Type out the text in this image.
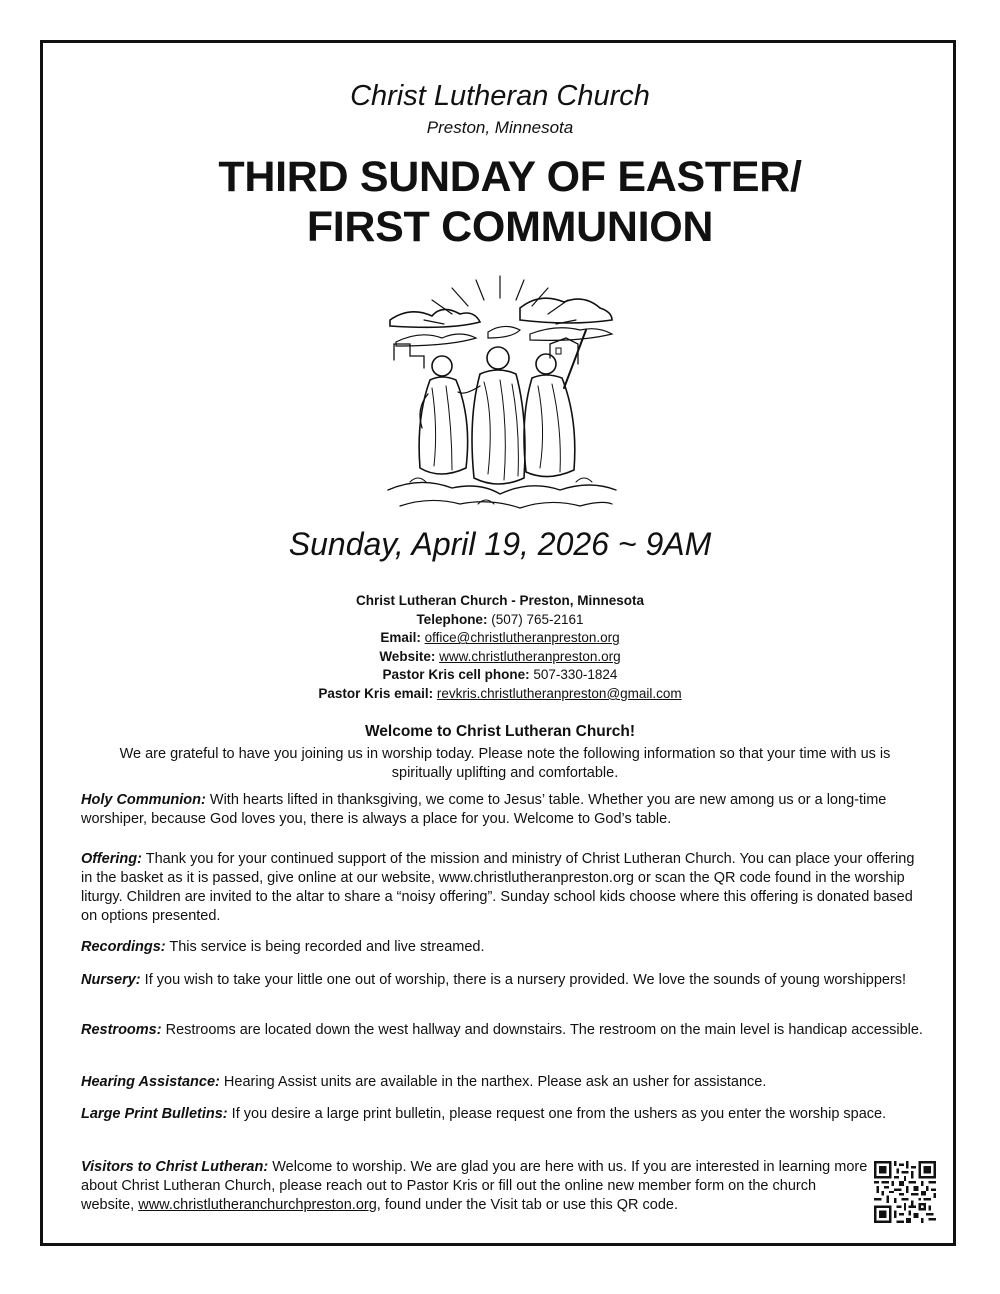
Christ Lutheran Church
Preston, Minnesota
THIRD SUNDAY OF EASTER/
FIRST COMMUNION
Sunday, April 19, 2026 ~ 9AM
Christ Lutheran Church - Preston, Minnesota
Telephone: (507) 765-2161
Email: office@christlutheranpreston.org
Website: www.christlutheranpreston.org
Pastor Kris cell phone: 507-330-1824
Pastor Kris email: revkris.christlutheranpreston@gmail.com
Welcome to Christ Lutheran Church!
We are grateful to have you joining us in worship today. Please note the following information so that your time with us is spiritually uplifting and comfortable.

Holy Communion: With hearts lifted in thanksgiving, we come to Jesus’ table. Whether you are new among us or a long-time worshiper, because God loves you, there is always a place for you. Welcome to God’s table.

Offering: Thank you for your continued support of the mission and ministry of Christ Lutheran Church. You can place your offering in the basket as it is passed, give online at our website, www.christlutheranpreston.org or scan the QR code found in the worship liturgy. Children are invited to the altar to share a “noisy offering”. Sunday school kids choose where this offering is donated based on options presented.

Recordings: This service is being recorded and live streamed.

Nursery: If you wish to take your little one out of worship, there is a nursery provided. We love the sounds of young worshippers!

Restrooms: Restrooms are located down the west hallway and downstairs. The restroom on the main level is handicap accessible.

Hearing Assistance: Hearing Assist units are available in the narthex. Please ask an usher for assistance.

Large Print Bulletins: If you desire a large print bulletin, please request one from the ushers as you enter the worship space.

Visitors to Christ Lutheran: Welcome to worship. We are glad you are here with us. If you are interested in learning more about Christ Lutheran Church, please reach out to Pastor Kris or fill out the online new member form on the church website, www.christlutheranchurchpreston.org, found under the Visit tab or use this QR code.
